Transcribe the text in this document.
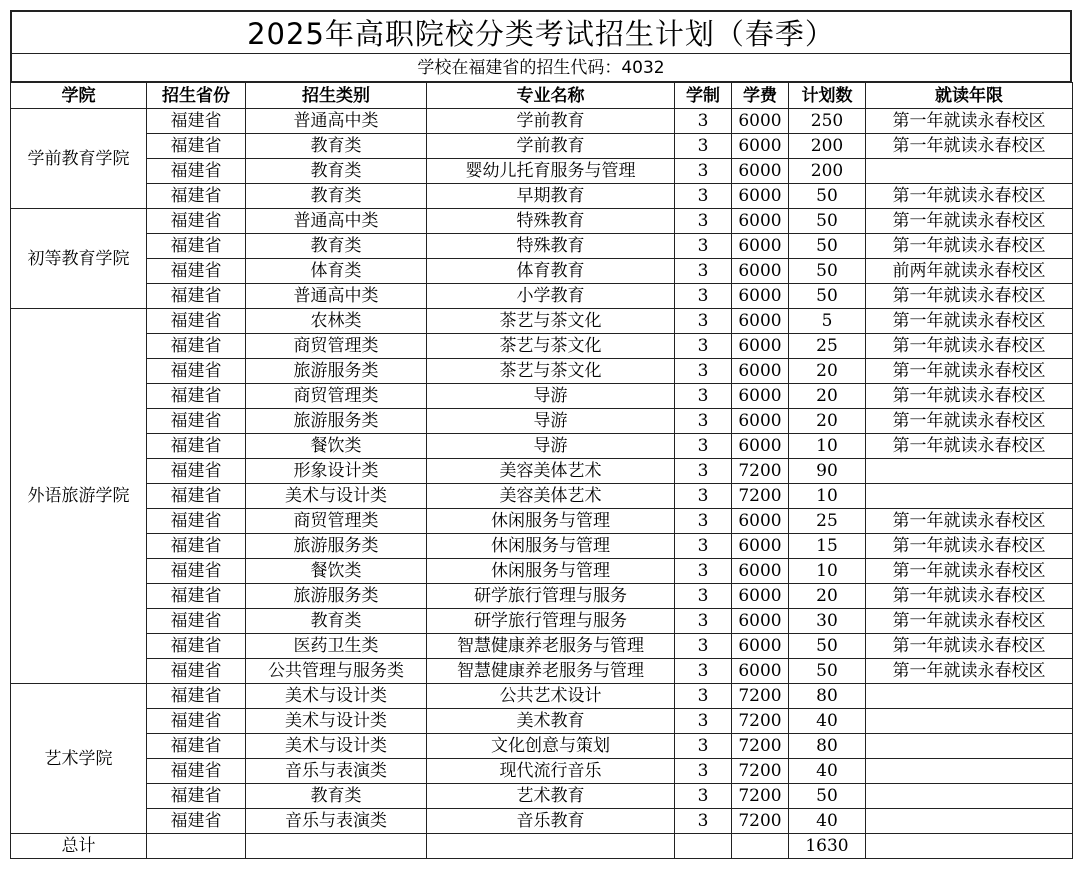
2025年高职院校分类考试招生计划（春季）
学校在福建省的招生代码：4032
学院	招生省份	招生类别	专业名称	学制	学费	计划数	就读年限
学前教育学院	福建省	普通高中类	学前教育	3	6000	250	第一年就读永春校区
	福建省	教育类	学前教育	3	6000	200	第一年就读永春校区
	福建省	教育类	婴幼儿托育服务与管理	3	6000	200	
	福建省	教育类	早期教育	3	6000	50	第一年就读永春校区
初等教育学院	福建省	普通高中类	特殊教育	3	6000	50	第一年就读永春校区
	福建省	教育类	特殊教育	3	6000	50	第一年就读永春校区
	福建省	体育类	体育教育	3	6000	50	前两年就读永春校区
	福建省	普通高中类	小学教育	3	6000	50	第一年就读永春校区
外语旅游学院	福建省	农林类	茶艺与茶文化	3	6000	5	第一年就读永春校区
	福建省	商贸管理类	茶艺与茶文化	3	6000	25	第一年就读永春校区
	福建省	旅游服务类	茶艺与茶文化	3	6000	20	第一年就读永春校区
	福建省	商贸管理类	导游	3	6000	20	第一年就读永春校区
	福建省	旅游服务类	导游	3	6000	20	第一年就读永春校区
	福建省	餐饮类	导游	3	6000	10	第一年就读永春校区
	福建省	形象设计类	美容美体艺术	3	7200	90	
	福建省	美术与设计类	美容美体艺术	3	7200	10	
	福建省	商贸管理类	休闲服务与管理	3	6000	25	第一年就读永春校区
	福建省	旅游服务类	休闲服务与管理	3	6000	15	第一年就读永春校区
	福建省	餐饮类	休闲服务与管理	3	6000	10	第一年就读永春校区
	福建省	旅游服务类	研学旅行管理与服务	3	6000	20	第一年就读永春校区
	福建省	教育类	研学旅行管理与服务	3	6000	30	第一年就读永春校区
	福建省	医药卫生类	智慧健康养老服务与管理	3	6000	50	第一年就读永春校区
	福建省	公共管理与服务类	智慧健康养老服务与管理	3	6000	50	第一年就读永春校区
艺术学院	福建省	美术与设计类	公共艺术设计	3	7200	80	
	福建省	美术与设计类	美术教育	3	7200	40	
	福建省	美术与设计类	文化创意与策划	3	7200	80	
	福建省	音乐与表演类	现代流行音乐	3	7200	40	
	福建省	教育类	艺术教育	3	7200	50	
	福建省	音乐与表演类	音乐教育	3	7200	40	
总计						1630	
